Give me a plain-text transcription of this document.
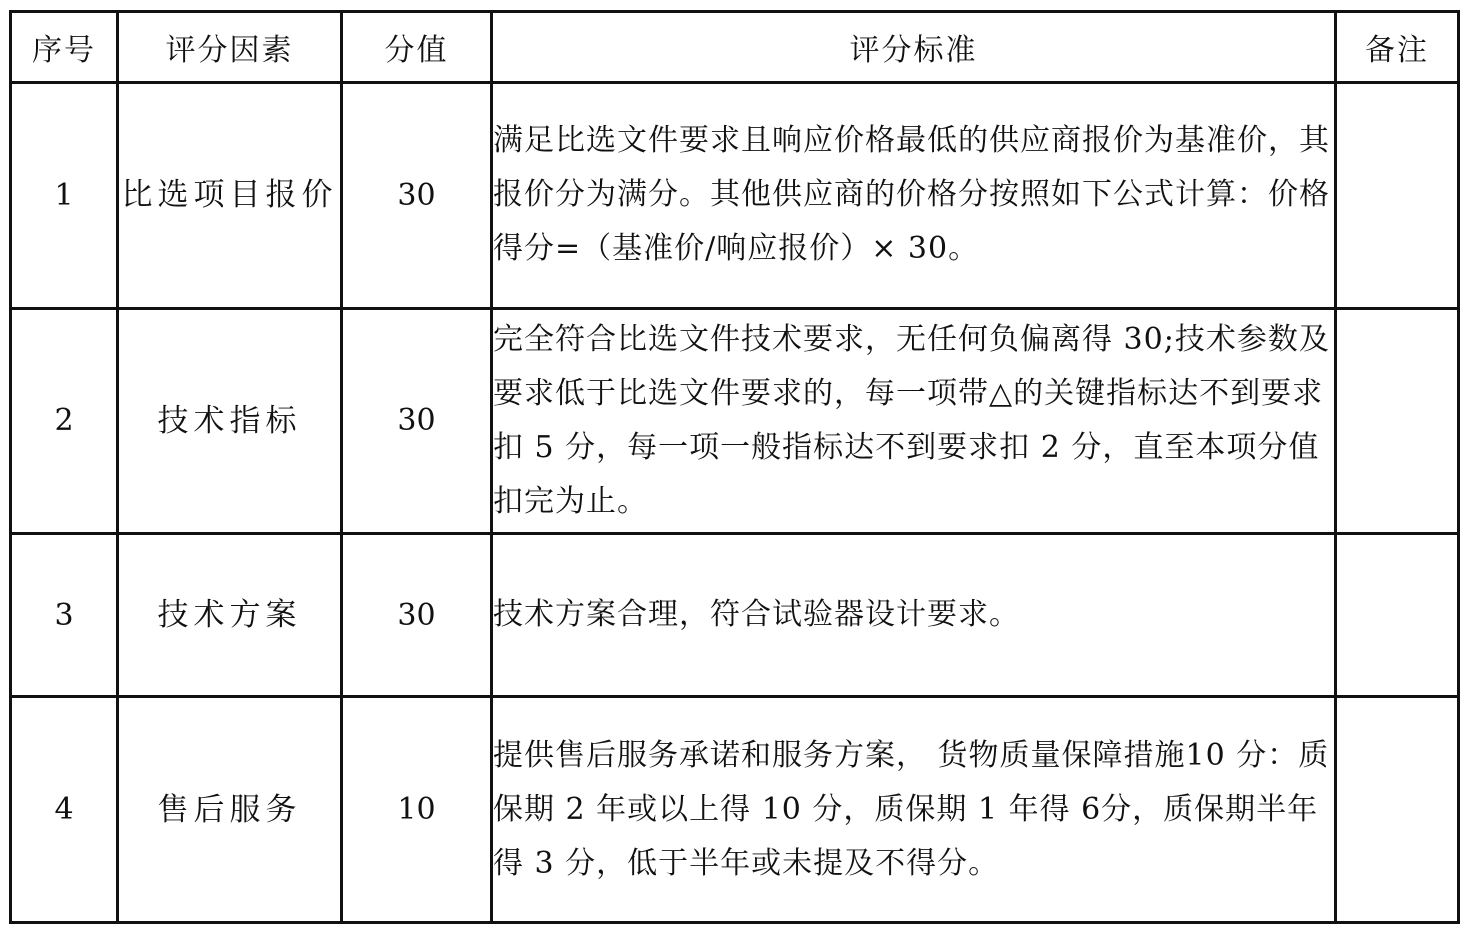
序号	评分因素	分值	评分标准	备注
1	比选项目报价	30	满足比选文件要求且响应价格最低的供应商报价为基准价，其报价分为满分。其他供应商的价格分按照如下公式计算：价格得分=（基准价/响应报价）× 30。	
2	技术指标	30	完全符合比选文件技术要求，无任何负偏离得 30;技术参数及要求低于比选文件要求的，每一项带△的关键指标达不到要求扣 5 分，每一项一般指标达不到要求扣 2 分，直至本项分值扣完为止。	
3	技术方案	30	技术方案合理，符合试验器设计要求。	
4	售后服务	10	提供售后服务承诺和服务方案， 货物质量保障措施10 分：质保期 2 年或以上得 10 分，质保期 1 年得 6分，质保期半年得 3 分，低于半年或未提及不得分。	
